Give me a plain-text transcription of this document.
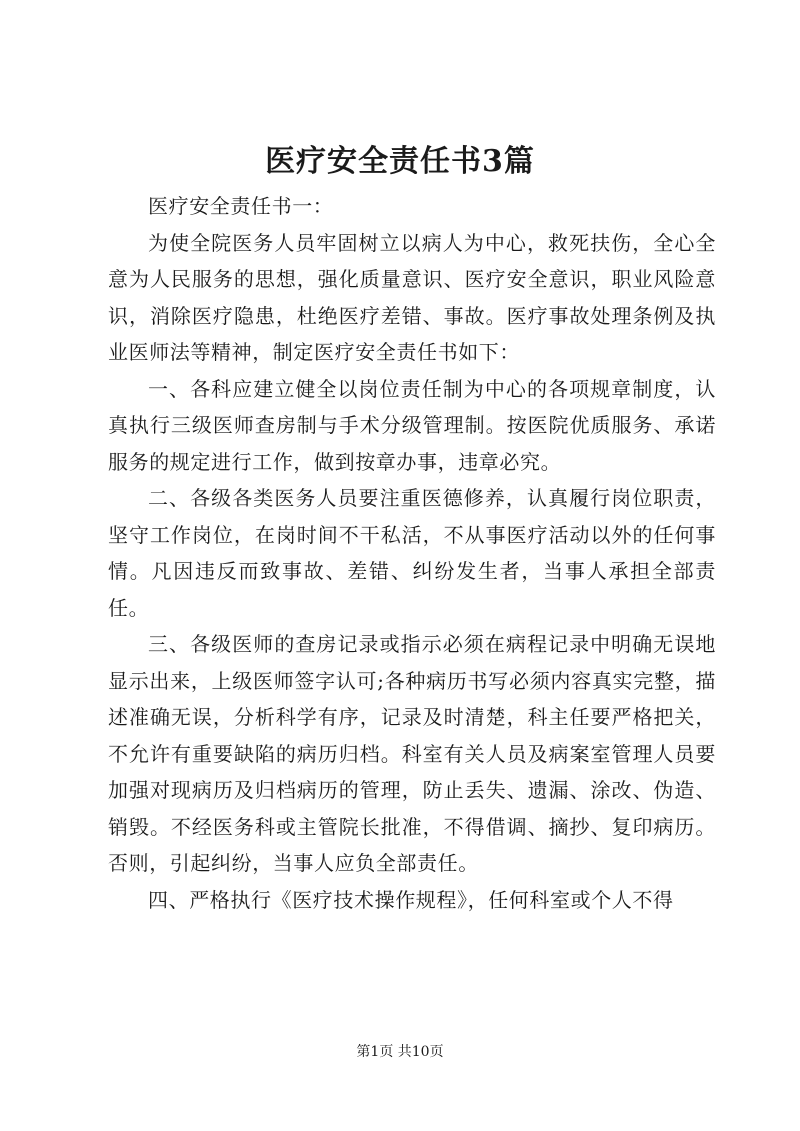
医疗安全责任书3篇

医疗安全责任书一：

为使全院医务人员牢固树立以病人为中心，救死扶伤，全心全意为人民服务的思想，强化质量意识、医疗安全意识，职业风险意识，消除医疗隐患，杜绝医疗差错、事故。医疗事故处理条例及执业医师法等精神，制定医疗安全责任书如下：

一、各科应建立健全以岗位责任制为中心的各项规章制度，认真执行三级医师查房制与手术分级管理制。按医院优质服务、承诺服务的规定进行工作，做到按章办事，违章必究。

二、各级各类医务人员要注重医德修养，认真履行岗位职责，坚守工作岗位，在岗时间不干私活，不从事医疗活动以外的任何事情。凡因违反而致事故、差错、纠纷发生者，当事人承担全部责任。

三、各级医师的查房记录或指示必须在病程记录中明确无误地显示出来，上级医师签字认可;各种病历书写必须内容真实完整，描述准确无误，分析科学有序，记录及时清楚，科主任要严格把关，不允许有重要缺陷的病历归档。科室有关人员及病案室管理人员要加强对现病历及归档病历的管理，防止丢失、遗漏、涂改、伪造、销毁。不经医务科或主管院长批准，不得借调、摘抄、复印病历。否则，引起纠纷，当事人应负全部责任。

四、严格执行《医疗技术操作规程》，任何科室或个人不得

第1页 共10页
